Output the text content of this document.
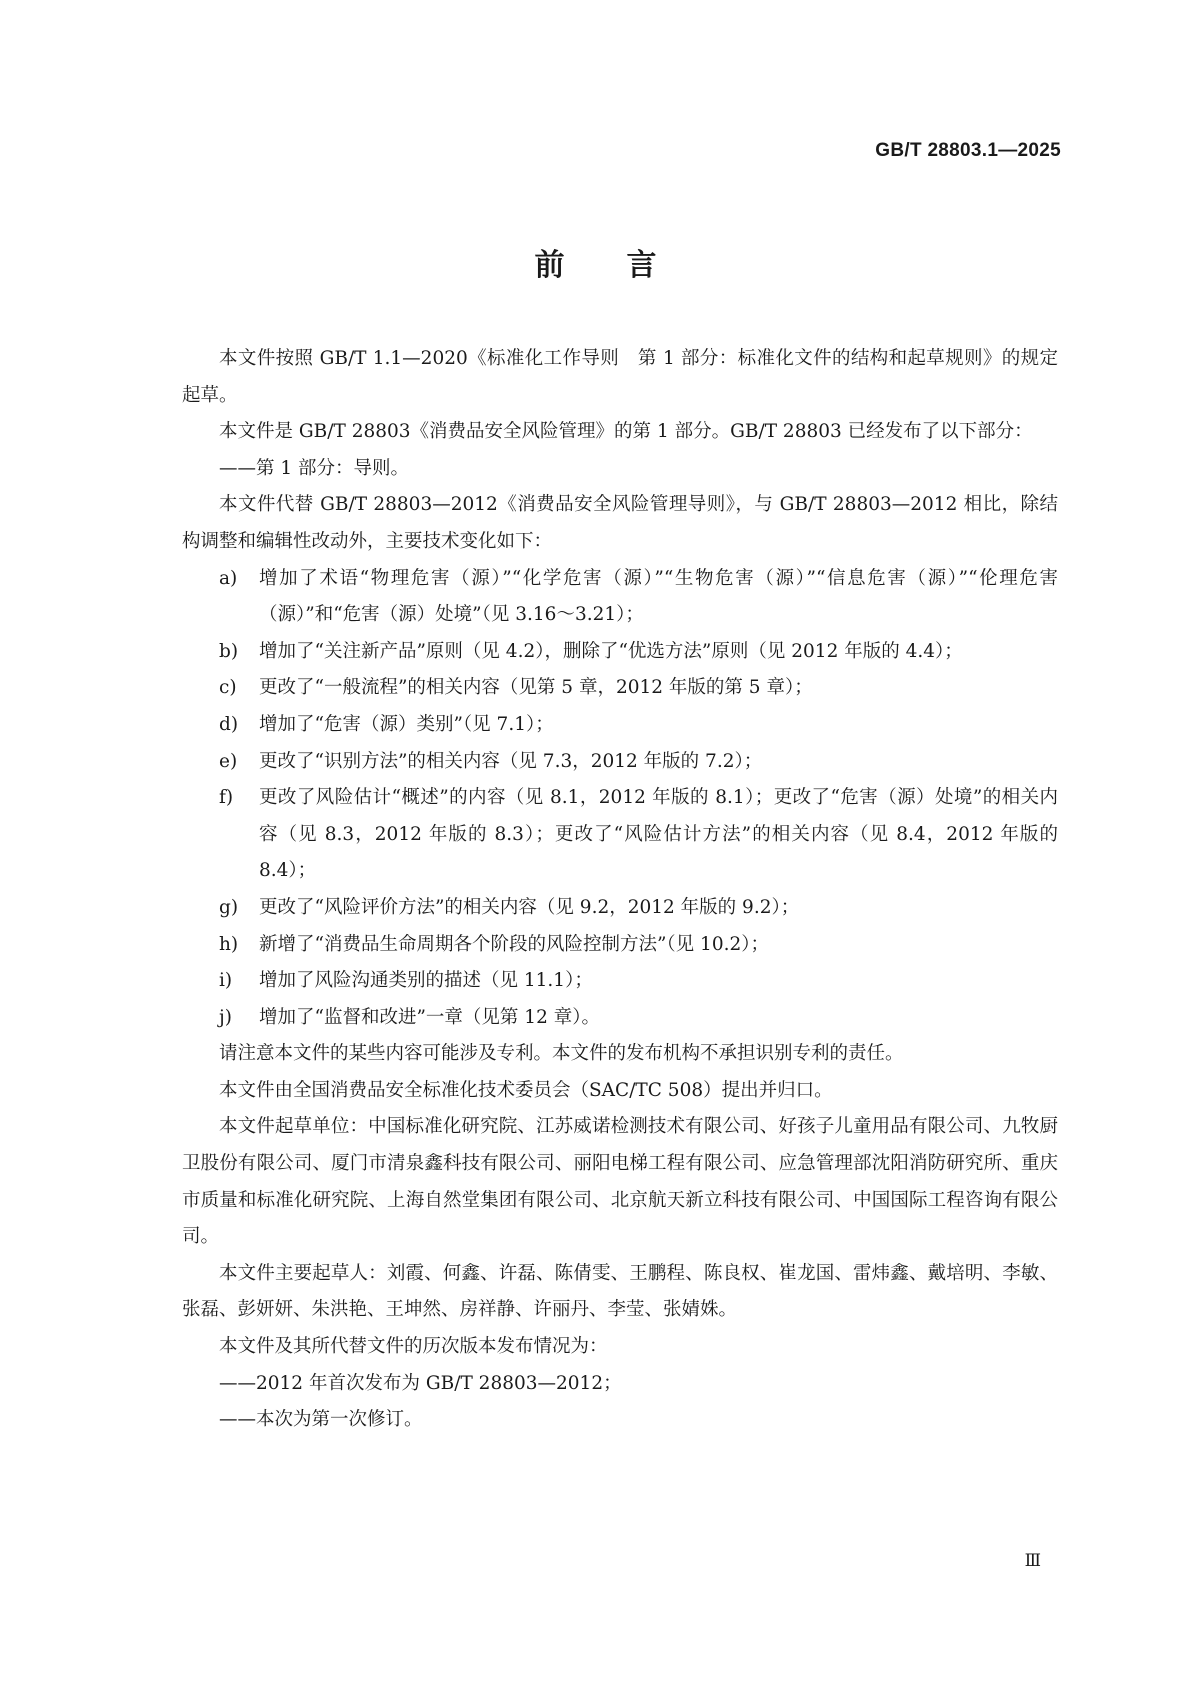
GB/T 28803.1—2025
前言

本文件按照 GB/T 1.1—2020《标准化工作导则　第 1 部分：标准化文件的结构和起草规则》的规定起草。

本文件是 GB/T 28803《消费品安全风险管理》的第 1 部分。GB/T 28803 已经发布了以下部分：

——第 1 部分：导则。

本文件代替 GB/T 28803—2012《消费品安全风险管理导则》，与 GB/T 28803—2012 相比，除结构调整和编辑性改动外，主要技术变化如下：

a)	增加了术语“物理危害（源）”“化学危害（源）”“生物危害（源）”“信息危害（源）”“伦理危害（源）”和“危害（源）处境”（见 3.16～3.21）；
b)	增加了“关注新产品”原则（见 4.2），删除了“优选方法”原则（见 2012 年版的 4.4）；
c)	更改了“一般流程”的相关内容（见第 5 章，2012 年版的第 5 章）；
d)	增加了“危害（源）类别”（见 7.1）；
e)	更改了“识别方法”的相关内容（见 7.3，2012 年版的 7.2）；
f)	更改了风险估计“概述”的内容（见 8.1，2012 年版的 8.1）；更改了“危害（源）处境”的相关内容（见 8.3，2012 年版的 8.3）；更改了“风险估计方法”的相关内容（见 8.4，2012 年版的 8.4）；
g)	更改了“风险评价方法”的相关内容（见 9.2，2012 年版的 9.2）；
h)	新增了“消费品生命周期各个阶段的风险控制方法”（见 10.2）；
i)	增加了风险沟通类别的描述（见 11.1）；
j)	增加了“监督和改进”一章（见第 12 章）。

请注意本文件的某些内容可能涉及专利。本文件的发布机构不承担识别专利的责任。

本文件由全国消费品安全标准化技术委员会（SAC/TC 508）提出并归口。

本文件起草单位：中国标准化研究院、江苏威诺检测技术有限公司、好孩子儿童用品有限公司、九牧厨卫股份有限公司、厦门市清泉鑫科技有限公司、丽阳电梯工程有限公司、应急管理部沈阳消防研究所、重庆市质量和标准化研究院、上海自然堂集团有限公司、北京航天新立科技有限公司、中国国际工程咨询有限公司。

本文件主要起草人：刘霞、何鑫、许磊、陈倩雯、王鹏程、陈良权、崔龙国、雷炜鑫、戴培明、李敏、张磊、彭妍妍、朱洪艳、王坤然、房祥静、许丽丹、李莹、张婧姝。

本文件及其所代替文件的历次版本发布情况为：

——2012 年首次发布为 GB/T 28803—2012；

——本次为第一次修订。

Ⅲ
